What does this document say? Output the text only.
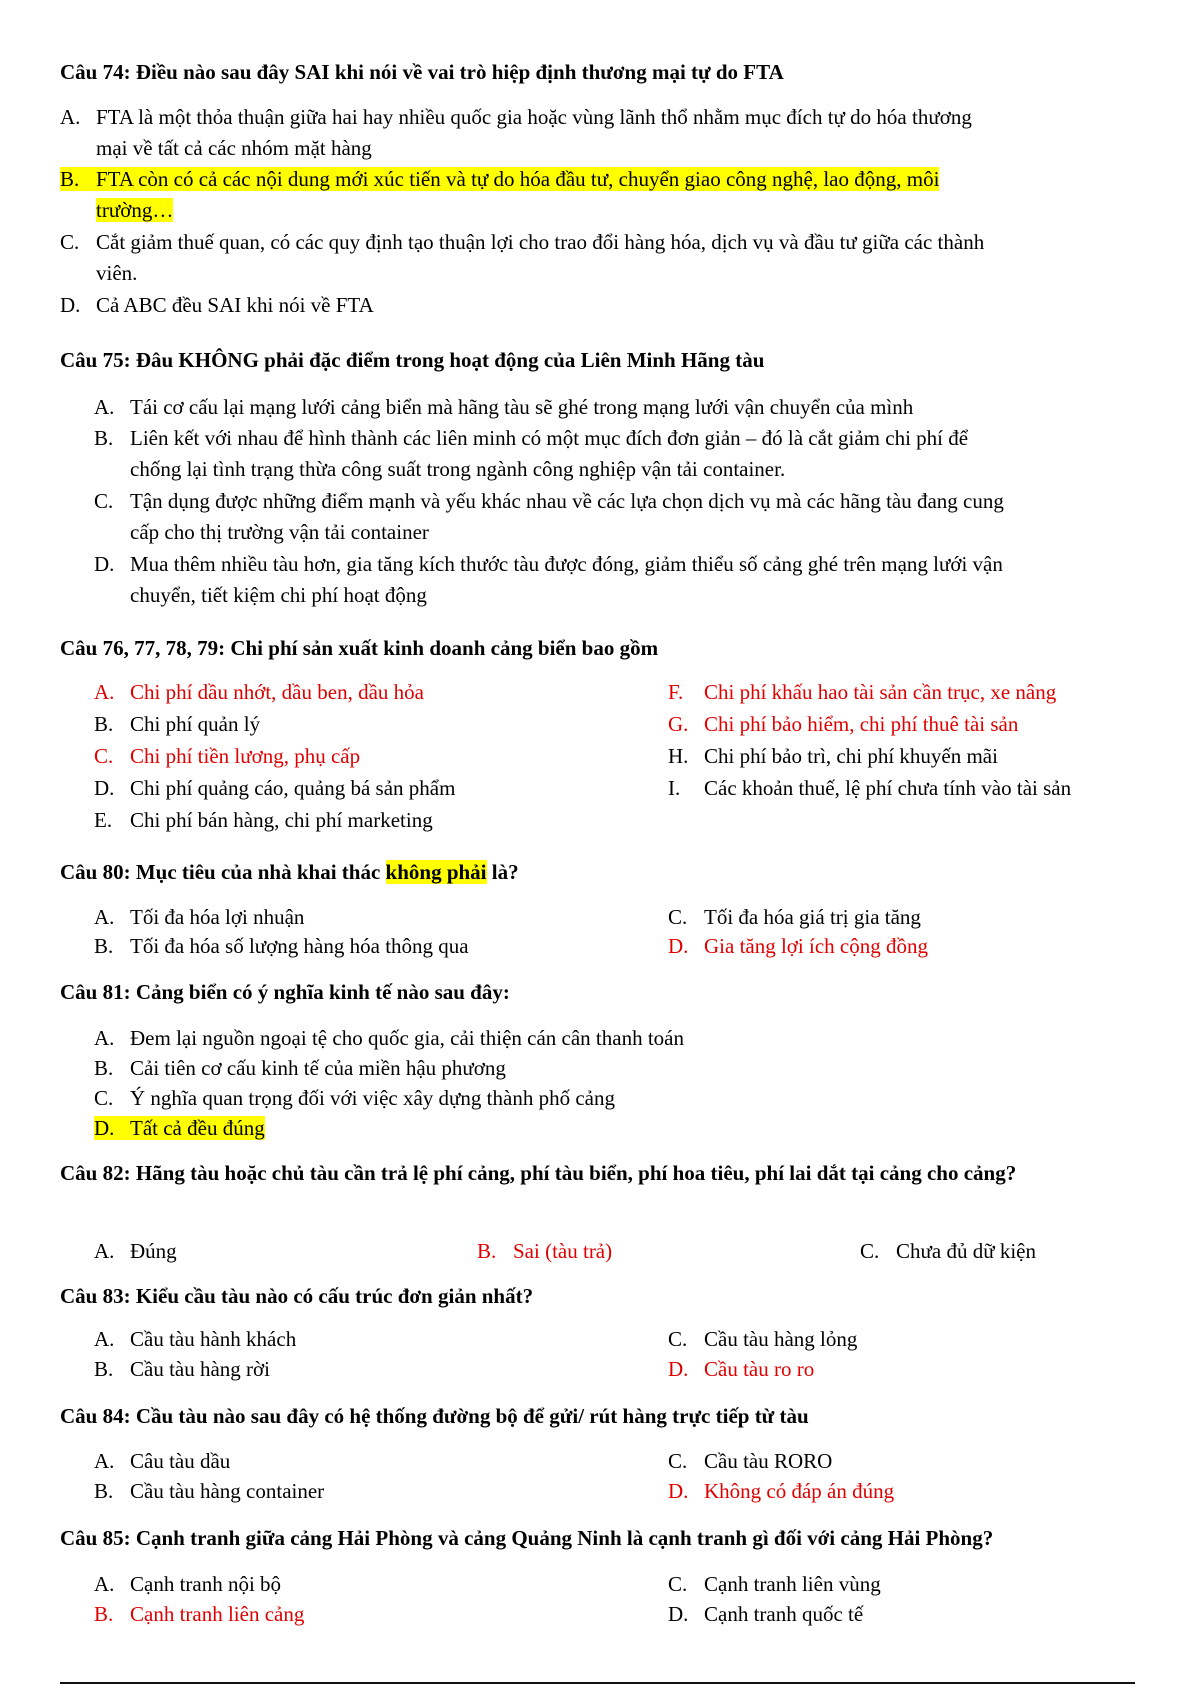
Câu 74: Điều nào sau đây SAI khi nói về vai trò hiệp định thương mại tự do FTA
A. FTA là một thỏa thuận giữa hai hay nhiều quốc gia hoặc vùng lãnh thổ nhằm mục đích tự do hóa thương
mại về tất cả các nhóm mặt hàng
B. FTA còn có cả các nội dung mới xúc tiến và tự do hóa đầu tư, chuyển giao công nghệ, lao động, môi
trường…
C. Cắt giảm thuế quan, có các quy định tạo thuận lợi cho trao đổi hàng hóa, dịch vụ và đầu tư giữa các thành
viên.
D. Cả ABC đều SAI khi nói về FTA
Câu 75: Đâu KHÔNG phải đặc điểm trong hoạt động của Liên Minh Hãng tàu
A. Tái cơ cấu lại mạng lưới cảng biển mà hãng tàu sẽ ghé trong mạng lưới vận chuyển của mình
B. Liên kết với nhau để hình thành các liên minh có một mục đích đơn giản – đó là cắt giảm chi phí để
chống lại tình trạng thừa công suất trong ngành công nghiệp vận tải container.
C. Tận dụng được những điểm mạnh và yếu khác nhau về các lựa chọn dịch vụ mà các hãng tàu đang cung
cấp cho thị trường vận tải container
D. Mua thêm nhiều tàu hơn, gia tăng kích thước tàu được đóng, giảm thiểu số cảng ghé trên mạng lưới vận
chuyển, tiết kiệm chi phí hoạt động
Câu 76, 77, 78, 79: Chi phí sản xuất kinh doanh cảng biển bao gồm
A. Chi phí dầu nhớt, dầu ben, dầu hỏa
B. Chi phí quản lý
C. Chi phí tiền lương, phụ cấp
D. Chi phí quảng cáo, quảng bá sản phẩm
E. Chi phí bán hàng, chi phí marketing
F. Chi phí khấu hao tài sản cần trục, xe nâng
G. Chi phí bảo hiểm, chi phí thuê tài sản
H. Chi phí bảo trì, chi phí khuyến mãi
I. Các khoản thuế, lệ phí chưa tính vào tài sản
Câu 80: Mục tiêu của nhà khai thác không phải là?
A. Tối đa hóa lợi nhuận
B. Tối đa hóa số lượng hàng hóa thông qua
C. Tối đa hóa giá trị gia tăng
D. Gia tăng lợi ích cộng đồng
Câu 81: Cảng biển có ý nghĩa kinh tế nào sau đây:
A. Đem lại nguồn ngoại tệ cho quốc gia, cải thiện cán cân thanh toán
B. Cải tiên cơ cấu kinh tế của miền hậu phương
C. Ý nghĩa quan trọng đối với việc xây dựng thành phố cảng
D. Tất cả đều đúng
Câu 82: Hãng tàu hoặc chủ tàu cần trả lệ phí cảng, phí tàu biển, phí hoa tiêu, phí lai dắt tại cảng cho cảng?
A. Đúng	B. Sai (tàu trả)	C. Chưa đủ dữ kiện
Câu 83: Kiểu cầu tàu nào có cấu trúc đơn giản nhất?
A. Cầu tàu hành khách
B. Cầu tàu hàng rời
C. Cầu tàu hàng lỏng
D. Cầu tàu ro ro
Câu 84: Cầu tàu nào sau đây có hệ thống đường bộ để gửi/ rút hàng trực tiếp từ tàu
A. Câu tàu dầu
B. Cầu tàu hàng container
C. Cầu tàu RORO
D. Không có đáp án đúng
Câu 85: Cạnh tranh giữa cảng Hải Phòng và cảng Quảng Ninh là cạnh tranh gì đối với cảng Hải Phòng?
A. Cạnh tranh nội bộ
B. Cạnh tranh liên cảng
C. Cạnh tranh liên vùng
D. Cạnh tranh quốc tế
